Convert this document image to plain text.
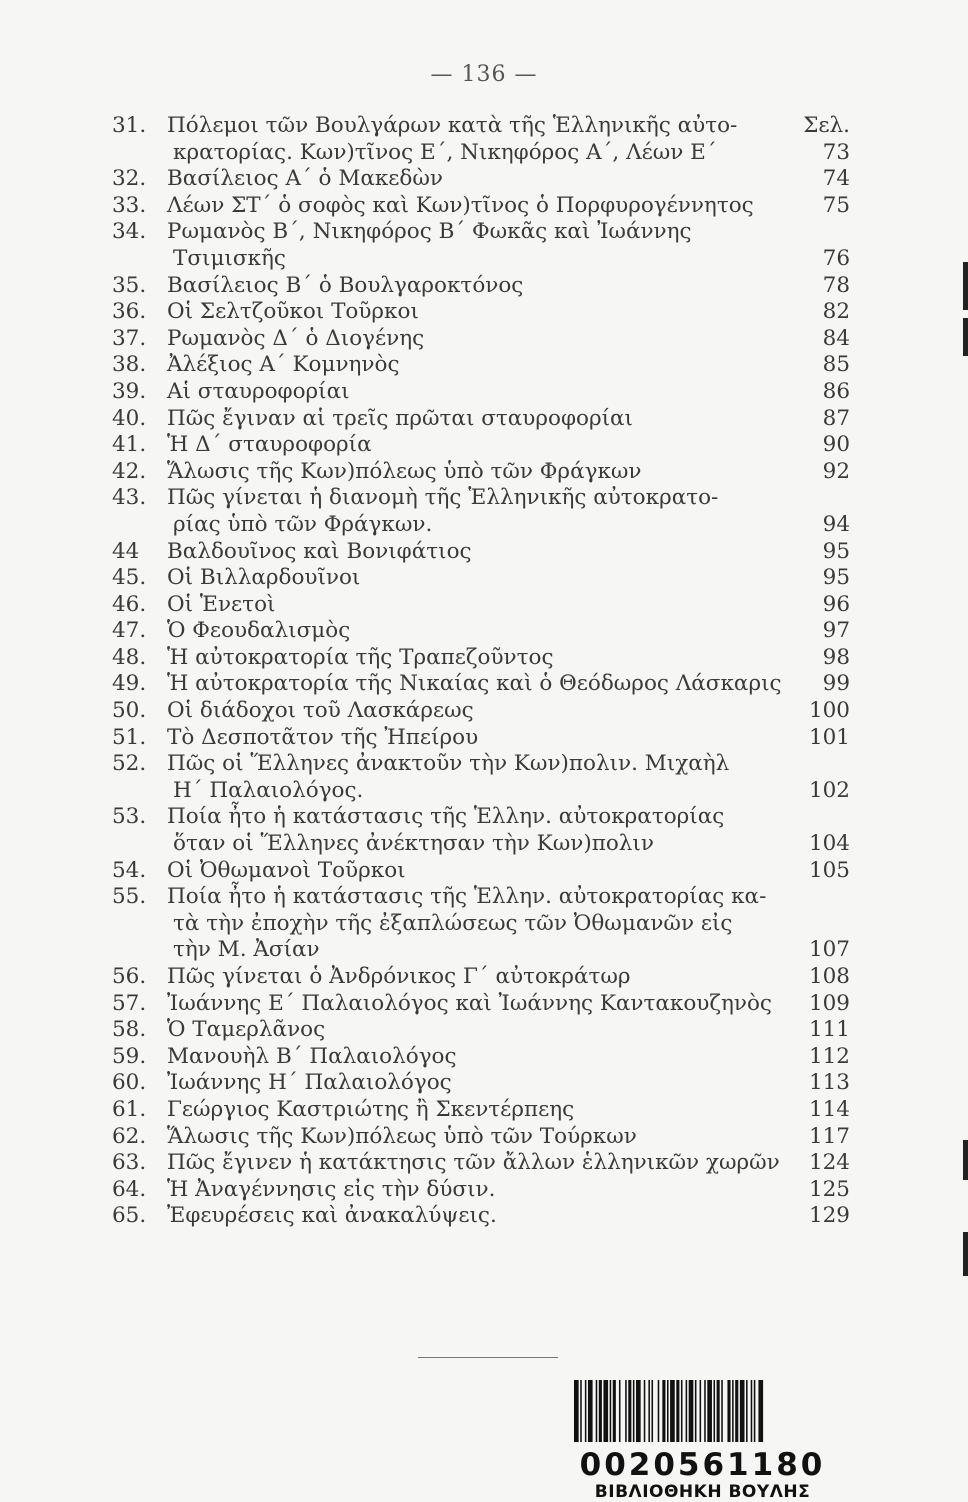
— 136 —
31. Πόλεμοι τῶν Βουλγάρων κατὰ τῆς Ἑλληνικῆς αὐτο-	Σελ.
κρατορίας. Κων)τῖνος Ε΄, Νικηφόρος Α΄, Λέων Ε΄	73
32. Βασίλειος Α΄ ὁ Μακεδὼν	74
33. Λέων ΣΤ΄ ὁ σοφὸς καὶ Κων)τῖνος ὁ Πορφυρογέννητος	75
34. Ρωμανὸς Β΄, Νικηφόρος Β΄ Φωκᾶς καὶ Ἰωάννης
Τσιμισκῆς	76
35. Βασίλειος Β΄ ὁ Βουλγαροκτόνος	78
36. Οἱ Σελτζοῦκοι Τοῦρκοι	82
37. Ρωμανὸς Δ΄ ὁ Διογένης	84
38. Ἀλέξιος Α΄ Κομνηνὸς	85
39. Αἱ σταυροφορίαι	86
40. Πῶς ἔγιναν αἱ τρεῖς πρῶται σταυροφορίαι	87
41. Ἡ Δ΄ σταυροφορία	90
42. Ἅλωσις τῆς Κων)πόλεως ὑπὸ τῶν Φράγκων	92
43. Πῶς γίνεται ἡ διανομὴ τῆς Ἑλληνικῆς αὐτοκρατο-
ρίας ὑπὸ τῶν Φράγκων.	94
44	Βαλδουῖνος καὶ Βονιφάτιος	95
45. Οἱ Βιλλαρδουῖνοι	95
46. Οἱ Ἑνετοὶ	96
47. Ὁ Φεουδαλισμὸς	97
48. Ἡ αὐτοκρατορία τῆς Τραπεζοῦντος	98
49. Ἡ αὐτοκρατορία τῆς Νικαίας καὶ ὁ Θεόδωρος Λάσκαρις 99
50. Οἱ διάδοχοι τοῦ Λασκάρεως	100
51. Τὸ Δεσποτᾶτον τῆς Ἠπείρου	101
52. Πῶς οἱ Ἕλληνες ἀνακτοῦν τὴν Κων)πολιν. Μιχαὴλ
Η΄ Παλαιολόγος.	102
53. Ποία ἦτο ἡ κατάστασις τῆς Ἑλλην. αὐτοκρατορίας
ὅταν οἱ Ἕλληνες ἀνέκτησαν τὴν Κων)πολιν	104
54. Οἱ Ὀθωμανοὶ Τοῦρκοι	105
55. Ποία ἦτο ἡ κατάστασις τῆς Ἑλλην. αὐτοκρατορίας κα-
τὰ τὴν ἐποχὴν τῆς ἐξαπλώσεως τῶν Ὀθωμανῶν εἰς
τὴν Μ. Ἀσίαν	107
56. Πῶς γίνεται ὁ Ἀνδρόνικος Γ΄ αὐτοκράτωρ	108
57. Ἰωάννης Ε΄ Παλαιολόγος καὶ Ἰωάννης Καντακουζηνὸς 109
58. Ὁ Ταμερλᾶνος	111
59. Μανουὴλ Β΄ Παλαιολόγος	112
60. Ἰωάννης Η΄ Παλαιολόγος	113
61. Γεώργιος Καστριώτης ἢ Σκεντέρπεης	114
62. Ἅλωσις τῆς Κων)πόλεως ὑπὸ τῶν Τούρκων	117
63. Πῶς ἔγινεν ἡ κατάκτησις τῶν ἄλλων ἑλληνικῶν χωρῶν 124
64. Ἡ Ἀναγέννησις εἰς τὴν δύσιν.	125
65. Ἐφευρέσεις καὶ ἀνακαλύψεις.	129
0020561180
ΒΙΒΛΙΟΘΗΚΗ ΒΟΥΛΗΣ
